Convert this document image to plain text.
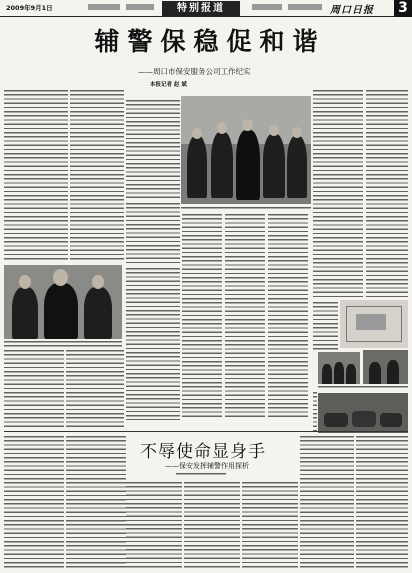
2009年9月1日	特别报道	周口日报 3
辅警保稳促和谐
——周口市保安服务公司工作纪实
本报记者 赵 斌
不辱使命显身手
——保安发挥辅警作用探析
